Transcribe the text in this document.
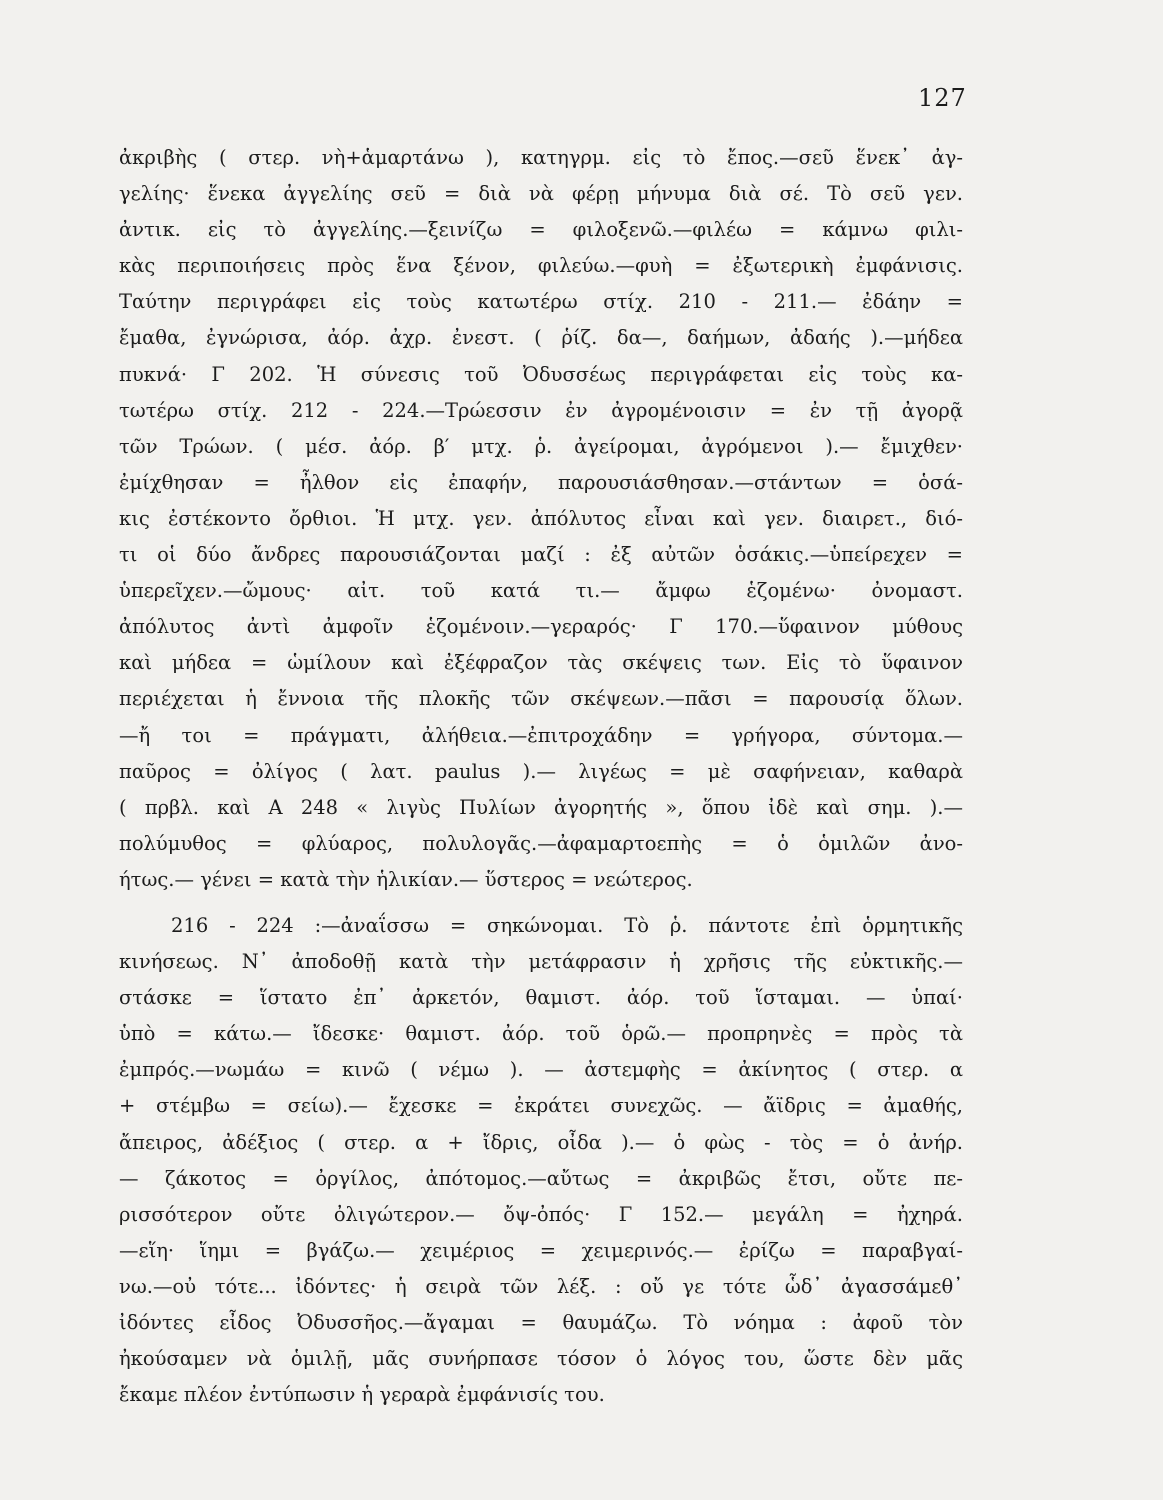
127
ἀκριβὴς ( στερ. νὴ+ἁμαρτάνω ), κατηγρμ. εἰς τὸ ἔπος.—σεῦ ἕνεκ᾽ ἀγ-
γελίης· ἕνεκα ἀγγελίης σεῦ = διὰ νὰ φέρῃ μήνυμα διὰ σέ. Τὸ σεῦ γεν.
ἀντικ. εἰς τὸ ἀγγελίης.—ξεινίζω = φιλοξενῶ.—φιλέω = κάμνω φιλι-
κὰς περιποιήσεις πρὸς ἕνα ξένον, φιλεύω.—φυὴ = ἐξωτερικὴ ἐμφάνισις.
Ταύτην περιγράφει εἰς τοὺς κατωτέρω στίχ. 210 - 211.— ἐδάην =
ἔμαθα, ἐγνώρισα, ἀόρ. ἀχρ. ἐνεστ. ( ῥίζ. δα—, δαήμων, ἀδαής ).—μήδεα
πυκνά· Γ 202. Ἡ σύνεσις τοῦ Ὀδυσσέως περιγράφεται εἰς τοὺς κα-
τωτέρω στίχ. 212 - 224.—Τρώεσσιν ἐν ἀγρομένοισιν = ἐν τῇ ἀγορᾷ
τῶν Τρώων. ( μέσ. ἀόρ. β′ μτχ. ῥ. ἀγείρομαι, ἀγρόμενοι ).— ἔμιχθεν·
ἐμίχθησαν = ἦλθον εἰς ἐπαφήν, παρουσιάσθησαν.—στάντων = ὁσά-
κις ἐστέκοντο ὄρθιοι. Ἡ μτχ. γεν. ἀπόλυτος εἶναι καὶ γεν. διαιρετ., διό-
τι οἱ δύο ἄνδρες παρουσιάζονται μαζί : ἐξ αὐτῶν ὁσάκις.—ὑπείρεχεν =
ὑπερεῖχεν.—ὤμους· αἰτ. τοῦ κατά τι.— ἄμφω ἑζομένω· ὀνομαστ.
ἀπόλυτος ἀντὶ ἀμφοῖν ἑζομένοιν.—γεραρός· Γ 170.—ὕφαινον μύθους
καὶ μήδεα = ὡμίλουν καὶ ἐξέφραζον τὰς σκέψεις των. Εἰς τὸ ὕφαινον
περιέχεται ἡ ἔννοια τῆς πλοκῆς τῶν σκέψεων.—πᾶσι = παρουσίᾳ ὅλων.
—ἤ τοι = πράγματι, ἀλήθεια.—ἐπιτροχάδην = γρήγορα, σύντομα.—
παῦρος = ὀλίγος ( λατ. paulus ).— λιγέως = μὲ σαφήνειαν, καθαρὰ
( πρβλ. καὶ Α 248 « λιγὺς Πυλίων ἀγορητής », ὅπου ἰδὲ καὶ σημ. ).—
πολύμυθος = φλύαρος, πολυλογᾶς.—ἀφαμαρτοεπὴς = ὁ ὁμιλῶν ἀνο-
ήτως.— γένει = κατὰ τὴν ἡλικίαν.— ὕστερος = νεώτερος.
216 - 224 :—ἀναΐσσω = σηκώνομαι. Τὸ ῥ. πάντοτε ἐπὶ ὁρμητικῆς
κινήσεως. Ν᾽ ἀποδοθῇ κατὰ τὴν μετάφρασιν ἡ χρῆσις τῆς εὐκτικῆς.—
στάσκε = ἵστατο ἐπ᾽ ἀρκετόν, θαμιστ. ἀόρ. τοῦ ἵσταμαι. — ὑπαί·
ὑπὸ = κάτω.— ἴδεσκε· θαμιστ. ἀόρ. τοῦ ὁρῶ.— προπρηνὲς = πρὸς τὰ
ἐμπρός.—νωμάω = κινῶ ( νέμω ). — ἀστεμφὴς = ἀκίνητος ( στερ. α
+ στέμβω = σείω).— ἔχεσκε = ἐκράτει συνεχῶς. — ἄϊδρις = ἀμαθής,
ἄπειρος, ἀδέξιος ( στερ. α + ἴδρις, οἶδα ).— ὁ φὼς - τὸς = ὁ ἀνήρ.
— ζάκοτος = ὀργίλος, ἀπότομος.—αὔτως = ἀκριβῶς ἔτσι, οὔτε πε-
ρισσότερον οὔτε ὀλιγώτερον.— ὄψ-ὀπός· Γ 152.— μεγάλη = ἠχηρά.
—εἵη· ἵημι = βγάζω.— χειμέριος = χειμερινός.— ἐρίζω = παραβγαί-
νω.—οὐ τότε... ἰδόντες· ἡ σειρὰ τῶν λέξ. : οὔ γε τότε ὧδ᾽ ἀγασσάμεθ᾽
ἰδόντες εἶδος Ὀδυσσῆος.—ἄγαμαι = θαυμάζω. Τὸ νόημα : ἀφοῦ τὸν
ἠκούσαμεν νὰ ὁμιλῇ, μᾶς συνήρπασε τόσον ὁ λόγος του, ὥστε δὲν μᾶς
ἔκαμε πλέον ἐντύπωσιν ἡ γεραρὰ ἐμφάνισίς του.
